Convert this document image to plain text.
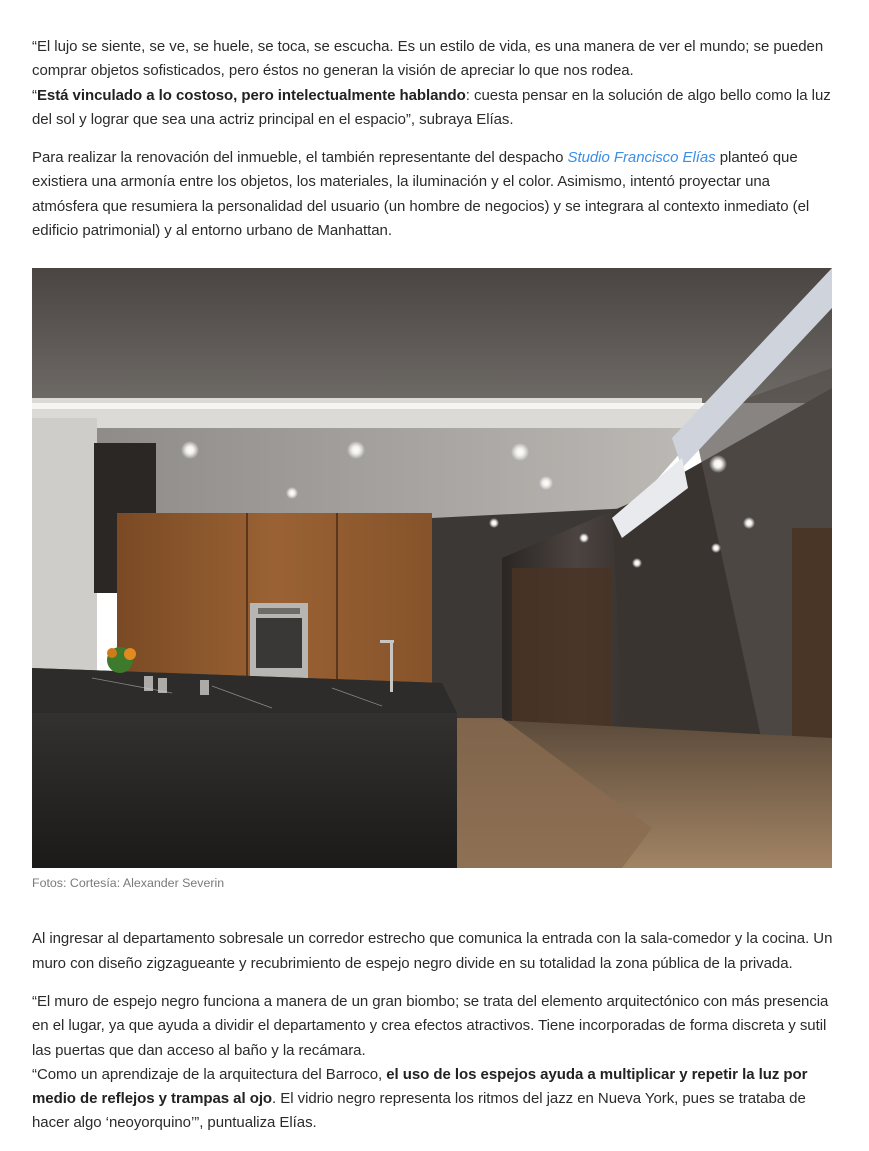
“El lujo se siente, se ve, se huele, se toca, se escucha. Es un estilo de vida, es una manera de ver el mundo; se pueden comprar objetos sofisticados, pero éstos no generan la visión de apreciar lo que nos rodea.
“Está vinculado a lo costoso, pero intelectualmente hablando: cuesta pensar en la solución de algo bello como la luz del sol y lograr que sea una actriz principal en el espacio”, subraya Elías.

Para realizar la renovación del inmueble, el también representante del despacho Studio Francisco Elías planteó que existiera una armonía entre los objetos, los materiales, la iluminación y el color. Asimismo, intentó proyectar una atmósfera que resumiera la personalidad del usuario (un hombre de negocios) y se integrara al contexto inmediato (el edificio patrimonial) y al entorno urbano de Manhattan.

Fotos: Cortesía: Alexander Severin

Al ingresar al departamento sobresale un corredor estrecho que comunica la entrada con la sala-comedor y la cocina. Un muro con diseño zigzagueante y recubrimiento de espejo negro divide en su totalidad la zona pública de la privada.

“El muro de espejo negro funciona a manera de un gran biombo; se trata del elemento arquitectónico con más presencia en el lugar, ya que ayuda a dividir el departamento y crea efectos atractivos. Tiene incorporadas de forma discreta y sutil las puertas que dan acceso al baño y la recámara.

“Como un aprendizaje de la arquitectura del Barroco, el uso de los espejos ayuda a multiplicar y repetir la luz por medio de reflejos y trampas al ojo. El vidrio negro representa los ritmos del jazz en Nueva York, pues se trataba de hacer algo ‘neoyorquino’”, puntualiza Elías.
